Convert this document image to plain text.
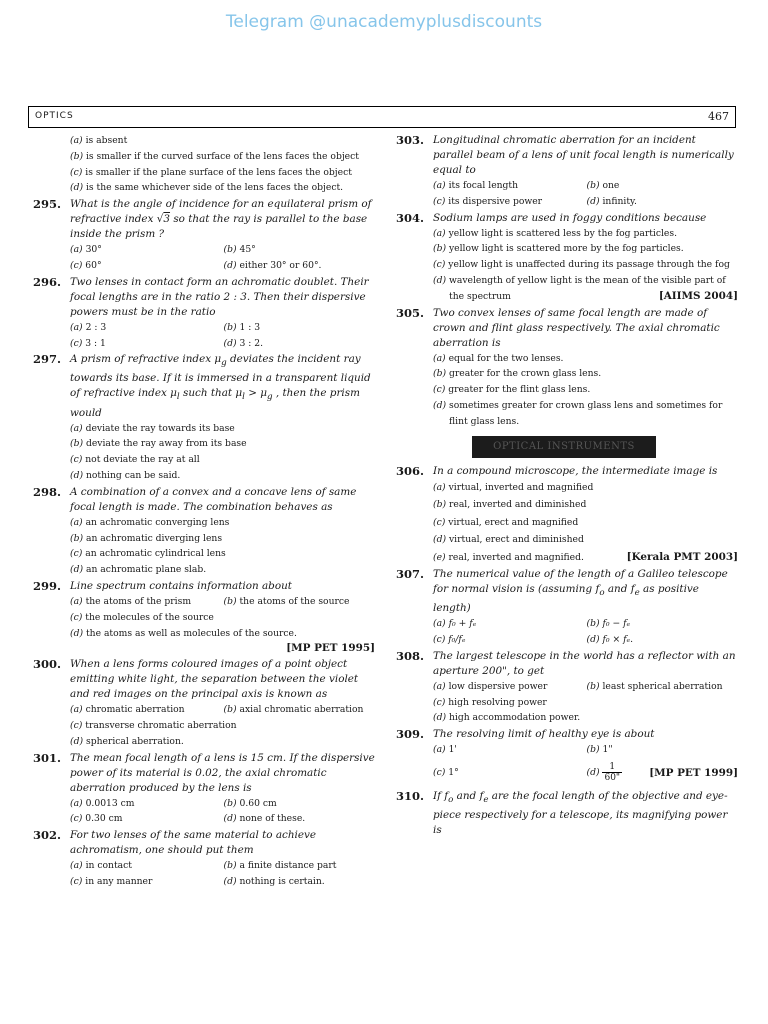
Telegram @unacademyplusdiscounts
OPTICS	467
(a) is absent
(b) is smaller if the curved surface of the lens faces the object
(c) is smaller if the plane surface of the lens faces the object
(d) is the same whichever side of the lens faces the object.
295. What is the angle of incidence for an equilateral prism of refractive index √3 so that the ray is parallel to the base inside the prism ?
(a) 30°	(b) 45°
(c) 60°	(d) either 30° or 60°.
296. Two lenses in contact form an achromatic doublet. Their focal lengths are in the ratio 2 : 3. Then their dispersive powers must be in the ratio
(a) 2 : 3	(b) 1 : 3
(c) 3 : 1	(d) 3 : 2.
297. A prism of refractive index $\mu_g$ deviates the incident ray towards its base. If it is immersed in a transparent liquid of refractive index $\mu_l$ such that $\mu_l > \mu_g$ , then the prism would
(a) deviate the ray towards its base
(b) deviate the ray away from its base
(c) not deviate the ray at all
(d) nothing can be said.
298. A combination of a convex and a concave lens of same focal length is made. The combination behaves as
(a) an achromatic converging lens
(b) an achromatic diverging lens
(c) an achromatic cylindrical lens
(d) an achromatic plane slab.
299. Line spectrum contains information about
(a) the atoms of the prism	(b) the atoms of the source
(c) the molecules of the source
(d) the atoms as well as molecules of the source.
[MP PET 1995]
300. When a lens forms coloured images of a point object emitting white light, the separation between the violet and red images on the principal axis is known as
(a) chromatic aberration	(b) axial chromatic aberration
(c) transverse chromatic aberration
(d) spherical aberration.
301. The mean focal length of a lens is 15 cm. If the dispersive power of its material is 0.02, the axial chromatic aberration produced by the lens is
(a) 0.0013 cm	(b) 0.60 cm
(c) 0.30 cm	(d) none of these.
302. For two lenses of the same material to achieve achromatism, one should put them
(a) in contact	(b) a finite distance part
(c) in any manner	(d) nothing is certain.
303. Longitudinal chromatic aberration for an incident parallel beam of a lens of unit focal length is numerically equal to
(a) its focal length	(b) one
(c) its dispersive power	(d) infinity.
304. Sodium lamps are used in foggy conditions because
(a) yellow light is scattered less by the fog particles.
(b) yellow light is scattered more by the fog particles.
(c) yellow light is unaffected during its passage through the fog
(d) wavelength of yellow light is the mean of the visible part of the spectrum	[AIIMS 2004]
305. Two convex lenses of same focal length are made of crown and flint glass respectively. The axial chromatic aberration is
(a) equal for the two lenses.
(b) greater for the crown glass lens.
(c) greater for the flint glass lens.
(d) sometimes greater for crown glass lens and sometimes for flint glass lens.
OPTICAL INSTRUMENTS
306. In a compound microscope, the intermediate image is
(a) virtual, inverted and magnified
(b) real, inverted and diminished
(c) virtual, erect and magnified
(d) virtual, erect and diminished
(e) real, inverted and magnified.	[Kerala PMT 2003]
307. The numerical value of the length of a Galileo telescope for normal vision is (assuming $f_o$ and $f_e$ as positive length)
(a) f₀ + fₑ	(b) f₀ − fₑ
(c) f₀/fₑ	(d) f₀ × fₑ.
308. The largest telescope in the world has a reflector with an aperture 200", to get
(a) low dispersive power	(b) least spherical aberration
(c) high resolving power
(d) high accommodation power.
309. The resolving limit of healthy eye is about
(a) 1'	(b) 1"
(c) 1°	$(d) \frac{1}{60"}$	[MP PET 1999]
310. If $f_o$ and $f_e$ are the focal length of the objective and eye-piece respectively for a telescope, its magnifying power is
